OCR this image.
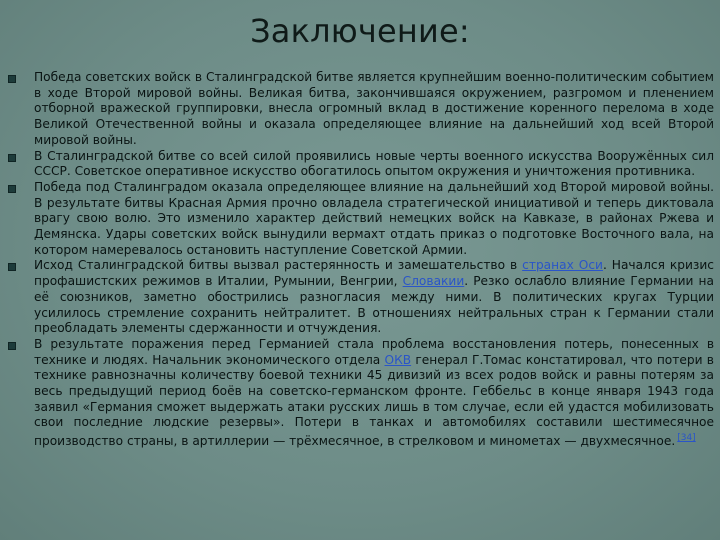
Заключение:
Победа советских войск в Сталинградской битве является крупнейшим военно-политическим событием в ходе Второй мировой войны. Великая битва, закончившаяся окружением, разгромом и пленением отборной вражеской группировки, внесла огромный вклад в достижение коренного перелома в ходе Великой Отечественной войны и оказала определяющее влияние на дальнейший ход всей Второй мировой войны.
В Сталинградской битве со всей силой проявились новые черты военного искусства Вооружённых сил СССР. Советское оперативное искусство обогатилось опытом окружения и уничтожения противника.
Победа под Сталинградом оказала определяющее влияние на дальнейший ход Второй мировой войны. В результате битвы Красная Армия прочно овладела стратегической инициативой и теперь диктовала врагу свою волю. Это изменило характер действий немецких войск на Кавказе, в районах Ржева и Демянска. Удары советских войск вынудили вермахт отдать приказ о подготовке Восточного вала, на котором намеревалось остановить наступление Советской Армии.
Исход Сталинградской битвы вызвал растерянность и замешательство в странах Оси. Начался кризис профашистских режимов в Италии, Румынии, Венгрии, Словакии. Резко ослабло влияние Германии на её союзников, заметно обострились разногласия между ними. В политических кругах Турции усилилось стремление сохранить нейтралитет. В отношениях нейтральных стран к Германии стали преобладать элементы сдержанности и отчуждения.
В результате поражения перед Германией стала проблема восстановления потерь, понесенных в технике и людях. Начальник экономического отдела ОКВ генерал Г.Томас констатировал, что потери в технике равнозначны количеству боевой техники 45 дивизий из всех родов войск и равны потерям за весь предыдущий период боёв на советско-германском фронте. Геббельс в конце января 1943 года заявил «Германия сможет выдержать атаки русских лишь в том случае, если ей удастся мобилизовать свои последние людские резервы». Потери в танках и автомобилях составили шестимесячное производство страны, в артиллерии — трёхмесячное, в стрелковом и минометах — двухмесячное. [34]
